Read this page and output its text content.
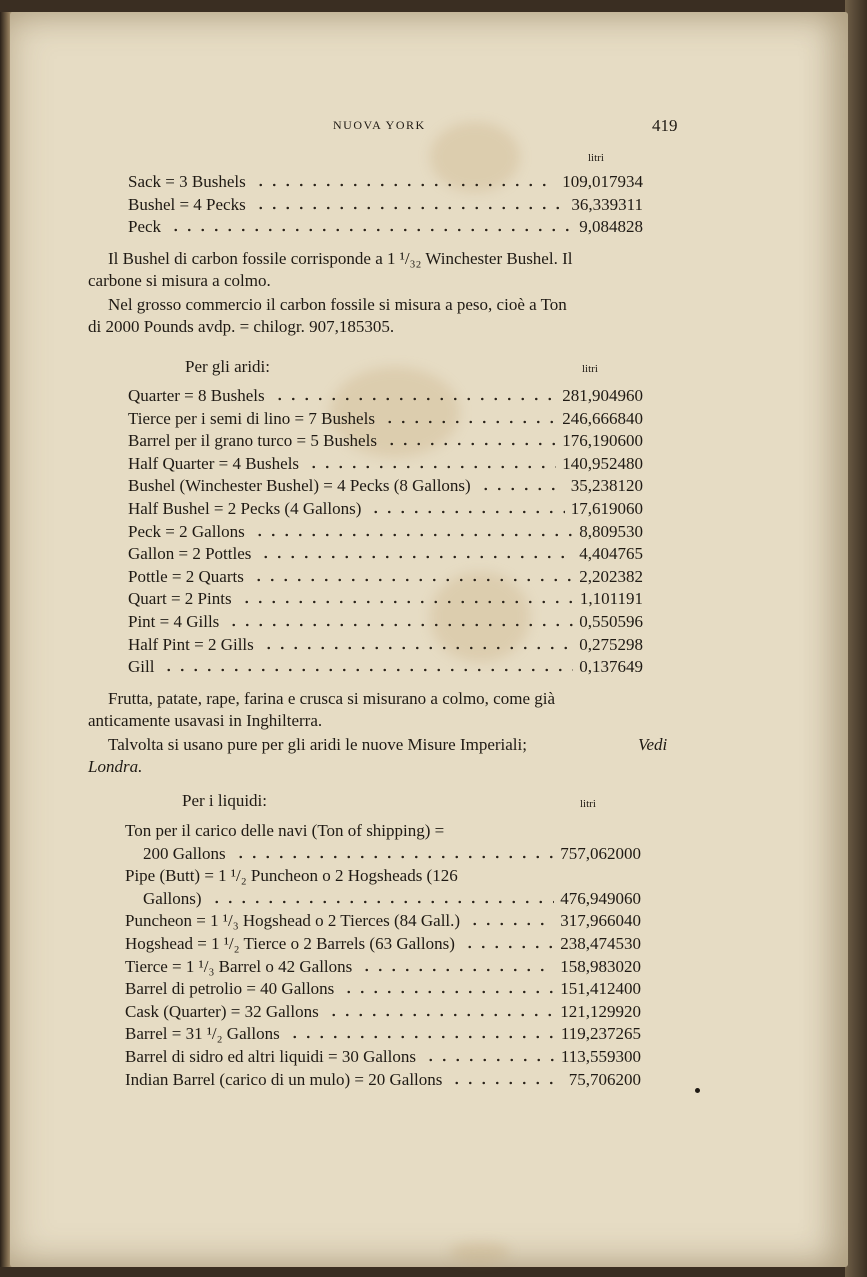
NUOVA YORK	419
litri
Sack = 3 Bushels	109,017934
Bushel = 4 Pecks	36,339311
Peck	9,084828
Il Bushel di carbon fossile corrisponde a 1 ¹/₃₂ Winchester Bushel. Il
carbone si misura a colmo.
Nel grosso commercio il carbon fossile si misura a peso, cioè a Ton
di 2000 Pounds avdp. = chilogr. 907,185305.
Per gli aridi:	litri
Quarter = 8 Bushels	281,904960
Tierce per i semi di lino = 7 Bushels	246,666840
Barrel per il grano turco = 5 Bushels	176,190600
Half Quarter = 4 Bushels	140,952480
Bushel (Winchester Bushel) = 4 Pecks (8 Gallons)	35,238120
Half Bushel = 2 Pecks (4 Gallons)	17,619060
Peck = 2 Gallons	8,809530
Gallon = 2 Pottles	4,404765
Pottle = 2 Quarts	2,202382
Quart = 2 Pints	1,101191
Pint = 4 Gills	0,550596
Half Pint = 2 Gills	0,275298
Gill	0,137649
Frutta, patate, rape, farina e crusca si misurano a colmo, come già
anticamente usavasi in Inghilterra.
Talvolta si usano pure per gli aridi le nuove Misure Imperiali;	Vedi
Londra.
Per i liquidi:	litri
Ton per il carico delle navi (Ton of shipping) =
200 Gallons	757,062000
Pipe (Butt) = 1 ¹/₂ Puncheon o 2 Hogsheads (126
Gallons)	476,949060
Puncheon = 1 ¹/₃ Hogshead o 2 Tierces (84 Gall.)	317,966040
Hogshead = 1 ¹/₂ Tierce o 2 Barrels (63 Gallons)	238,474530
Tierce = 1 ¹/₃ Barrel o 42 Gallons	158,983020
Barrel di petrolio = 40 Gallons	151,412400
Cask (Quarter) = 32 Gallons	121,129920
Barrel = 31 ¹/₂ Gallons	119,237265
Barrel di sidro ed altri liquidi = 30 Gallons	113,559300
Indian Barrel (carico di un mulo) = 20 Gallons	75,706200
